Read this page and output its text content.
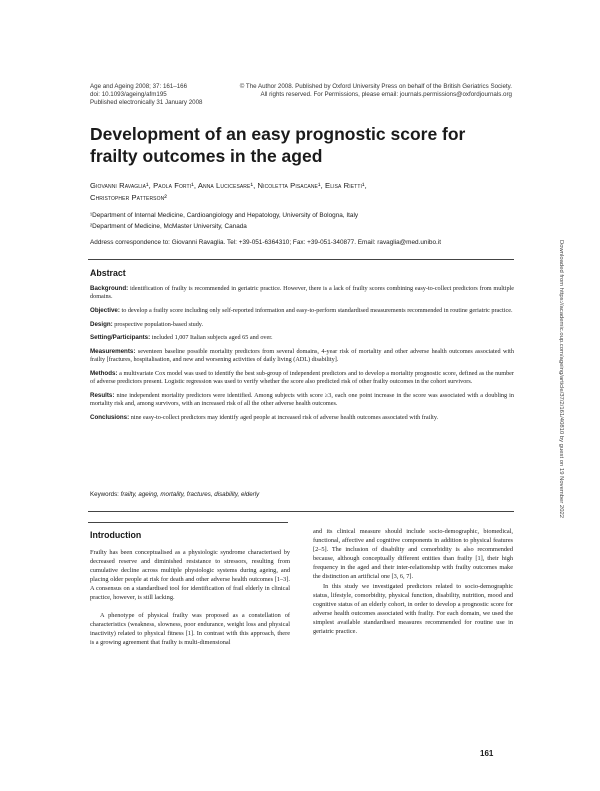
Age and Ageing 2008; 37: 161–166
doi: 10.1093/ageing/afm195
Published electronically 31 January 2008
© The Author 2008. Published by Oxford University Press on behalf of the British Geriatrics Society.
All rights reserved. For Permissions, please email: journals.permissions@oxfordjournals.org
Development of an easy prognostic score for frailty outcomes in the aged
Giovanni Ravaglia¹, Paola Forti¹, Anna Lucicesare¹, Nicoletta Pisacane¹, Elisa Rietti¹,
Christopher Patterson²
¹Department of Internal Medicine, Cardioangiology and Hepatology, University of Bologna, Italy
²Department of Medicine, McMaster University, Canada
Address correspondence to: Giovanni Ravaglia. Tel: +39-051-6364310; Fax: +39-051-340877. Email: ravaglia@med.unibo.it
Abstract

Background: identification of frailty is recommended in geriatric practice. However, there is a lack of frailty scores combining easy-to-collect predictors from multiple domains.

Objective: to develop a frailty score including only self-reported information and easy-to-perform standardised measurements recommended in routine geriatric practice.

Design: prospective population-based study.

Setting/Participants: included 1,007 Italian subjects aged 65 and over.

Measurements: seventeen baseline possible mortality predictors from several domains, 4-year risk of mortality and other adverse health outcomes associated with frailty [fractures, hospitalisation, and new and worsening activities of daily living (ADL) disability].

Methods: a multivariate Cox model was used to identify the best sub-group of independent predictors and to develop a mortality prognostic score, defined as the number of adverse predictors present. Logistic regression was used to verify whether the score also predicted risk of other frailty outcomes in the cohort survivors.

Results: nine independent mortality predictors were identified. Among subjects with score ≥3, each one point increase in the score was associated with a doubling in mortality risk and, among survivors, with an increased risk of all the other adverse health outcomes.

Conclusions: nine easy-to-collect predictors may identify aged people at increased risk of adverse health outcomes associated with frailty.

Keywords: frailty, ageing, mortality, fractures, disability, elderly
Introduction

Frailty has been conceptualised as a physiologic syndrome characterised by decreased reserve and diminished resistance to stressors, resulting from cumulative decline across multiple physiologic systems during ageing, and placing older people at risk for death and other adverse health outcomes [1–3]. A consensus on a standardised tool for identification of frail elderly in clinical practice, however, is still lacking.

A phenotype of physical frailty was proposed as a constellation of characteristics (weakness, slowness, poor endurance, weight loss and physical inactivity) related to physical fitness [1]. In contrast with this approach, there is a growing agreement that frailty is multi-dimensional

and its clinical measure should include socio-demographic, biomedical, functional, affective and cognitive components in addition to physical features [2–5]. The inclusion of disability and comorbidity is also recommended because, although conceptually different entities than frailty [1], their high frequency in the aged and their inter-relationship with frailty outcomes make the distinction an artificial one [3, 6, 7].

In this study we investigated predictors related to socio-demographic status, lifestyle, comorbidity, physical function, disability, nutrition, mood and cognitive status of an elderly cohort, in order to develop a prognostic score for adverse health outcomes associated with frailty. For each domain, we used the simplest available standardised measures recommended for routine use in geriatric practice.

161
Downloaded from https://academic.oup.com/ageing/article/37/2/161/40810 by guest on 19 November 2022
